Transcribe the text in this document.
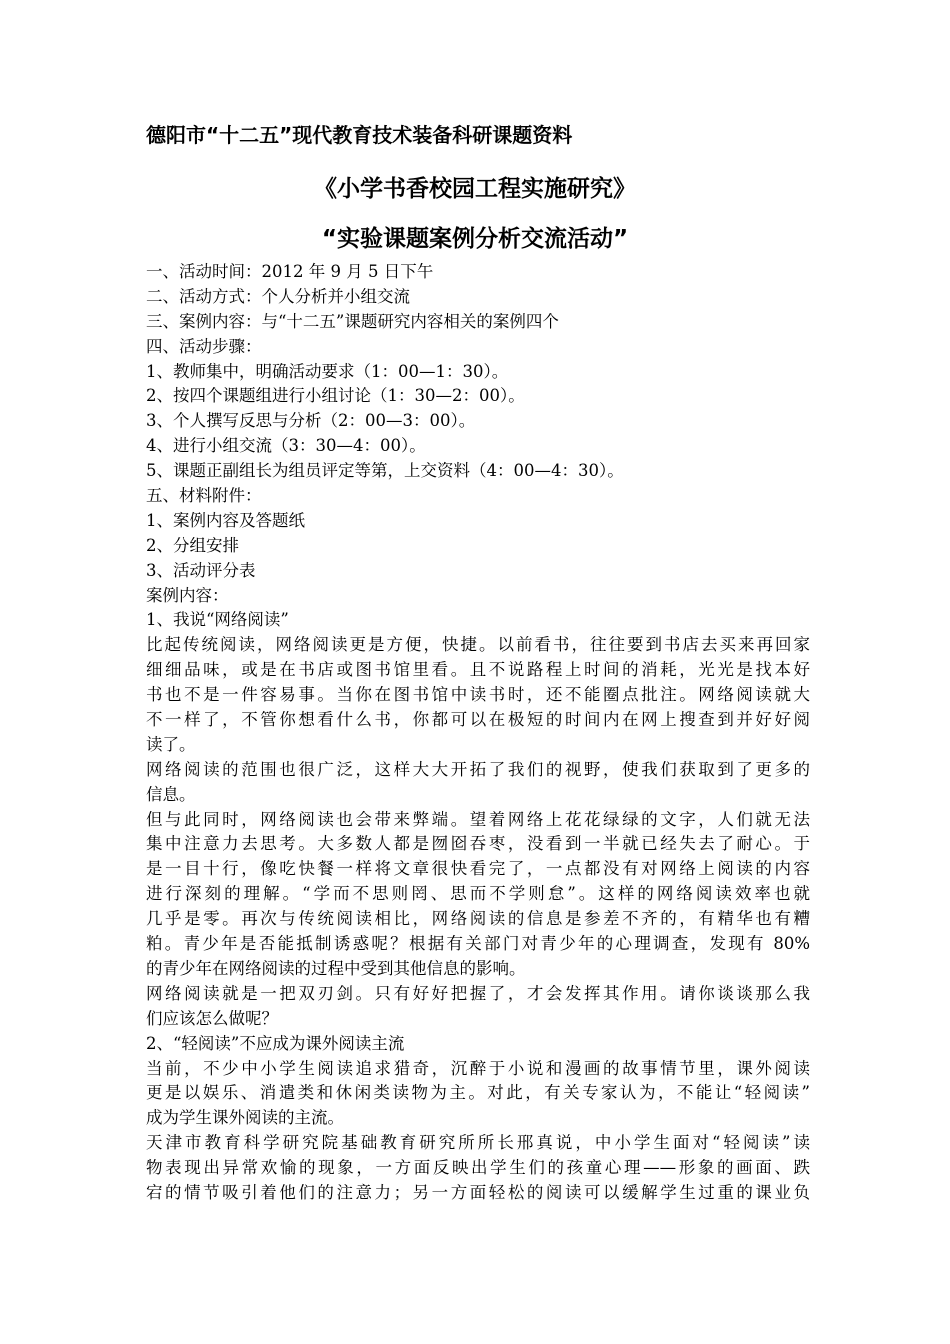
德阳市“十二五”现代教育技术装备科研课题资料
《小学书香校园工程实施研究》
“实验课题案例分析交流活动”
一、活动时间：2012 年 9 月 5 日下午
二、活动方式：个人分析并小组交流
三、案例内容：与“十二五”课题研究内容相关的案例四个
四、活动步骤：
1、教师集中，明确活动要求（1：00—1：30）。
2、按四个课题组进行小组讨论（1：30—2：00）。
3、个人撰写反思与分析（2：00—3：00）。
4、进行小组交流（3：30—4：00）。
5、课题正副组长为组员评定等第，上交资料（4：00—4：30）。
五、材料附件：
1、案例内容及答题纸
2、分组安排
3、活动评分表
案例内容：
1、我说“网络阅读”
比起传统阅读，网络阅读更是方便，快捷。以前看书，往往要到书店去买来再回家
细细品味，或是在书店或图书馆里看。且不说路程上时间的消耗，光光是找本好
书也不是一件容易事。当你在图书馆中读书时，还不能圈点批注。网络阅读就大
不一样了，不管你想看什么书，你都可以在极短的时间内在网上搜查到并好好阅
读了。
网络阅读的范围也很广泛，这样大大开拓了我们的视野，使我们获取到了更多的
信息。
但与此同时，网络阅读也会带来弊端。望着网络上花花绿绿的文字，人们就无法
集中注意力去思考。大多数人都是囫囵吞枣，没看到一半就已经失去了耐心。于
是一目十行，像吃快餐一样将文章很快看完了，一点都没有对网络上阅读的内容
进行深刻的理解。“学而不思则罔、思而不学则怠”。这样的网络阅读效率也就
几乎是零。再次与传统阅读相比，网络阅读的信息是参差不齐的，有精华也有糟
粕。青少年是否能抵制诱惑呢？根据有关部门对青少年的心理调查，发现有 80%
的青少年在网络阅读的过程中受到其他信息的影响。
网络阅读就是一把双刃剑。只有好好把握了，才会发挥其作用。请你谈谈那么我
们应该怎么做呢？
2、“轻阅读”不应成为课外阅读主流
当前，不少中小学生阅读追求猎奇，沉醉于小说和漫画的故事情节里，课外阅读
更是以娱乐、消遣类和休闲类读物为主。对此，有关专家认为，不能让“轻阅读”
成为学生课外阅读的主流。
天津市教育科学研究院基础教育研究所所长邢真说，中小学生面对“轻阅读”读
物表现出异常欢愉的现象，一方面反映出学生们的孩童心理——形象的画面、跌
宕的情节吸引着他们的注意力；另一方面轻松的阅读可以缓解学生过重的课业负
